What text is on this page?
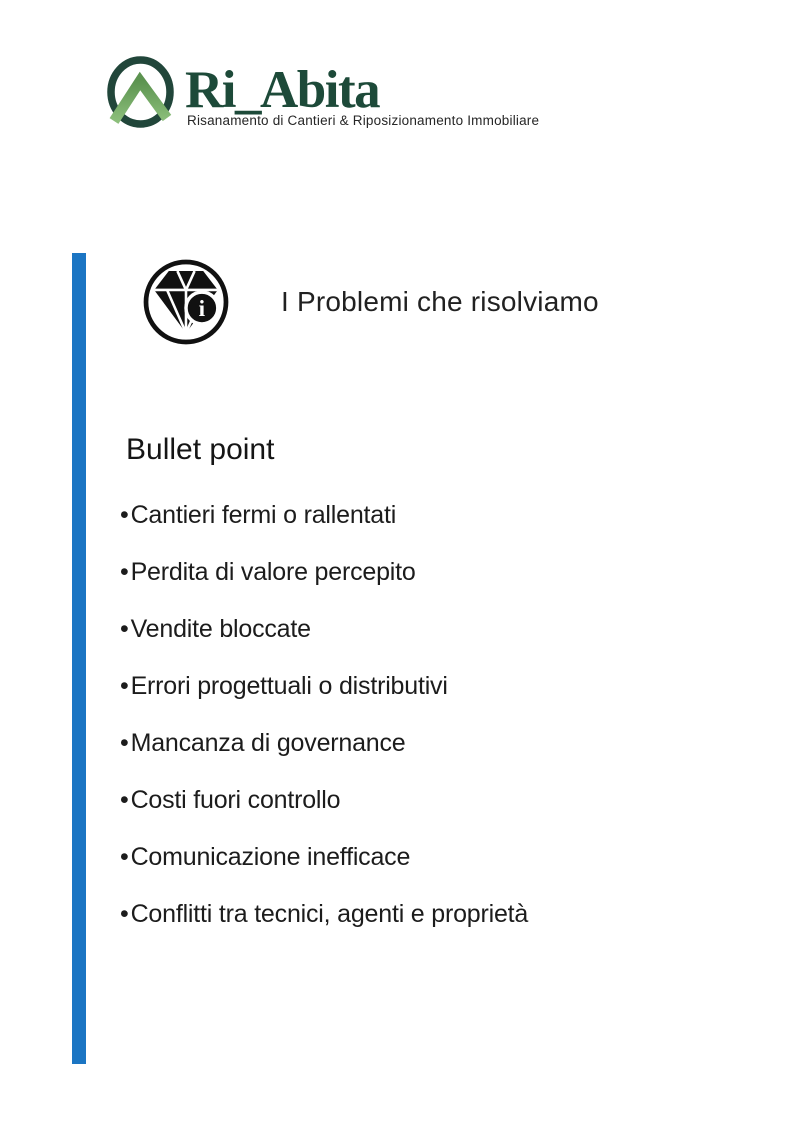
Ri_Abita
Risanamento di Cantieri & Riposizionamento Immobiliare
i	I Problemi che risolviamo
Bullet point
•Cantieri fermi o rallentati
•Perdita di valore percepito
•Vendite bloccate
•Errori progettuali o distributivi
•Mancanza di governance
•Costi fuori controllo
•Comunicazione inefficace
•Conflitti tra tecnici, agenti e proprietà
